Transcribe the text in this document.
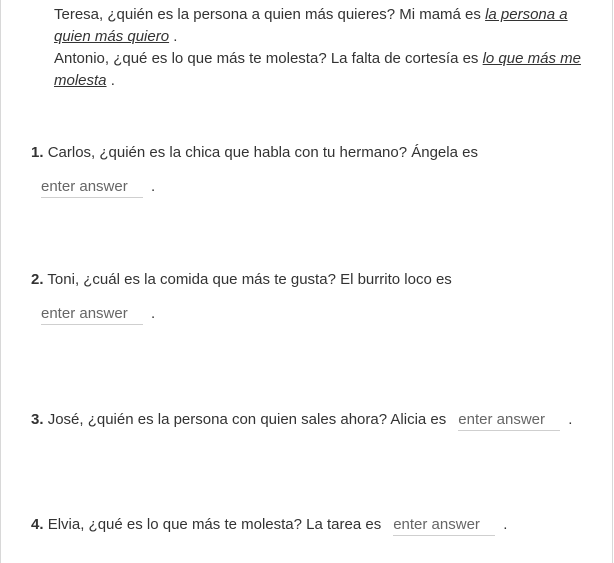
Teresa, ¿quién es la persona a quien más quieres? Mi mamá es la persona a quien más quiero .
Antonio, ¿qué es lo que más te molesta? La falta de cortesía es lo que más me molesta .
1. Carlos, ¿quién es la chica que habla con tu hermano? Ángela es
enter answer.
2. Toni, ¿cuál es la comida que más te gusta? El burrito loco es
enter answer.
3. José, ¿quién es la persona con quien sales ahora? Alicia esenter answer	.
4. Elvia, ¿qué es lo que más te molesta? La tarea esenter answer	.
